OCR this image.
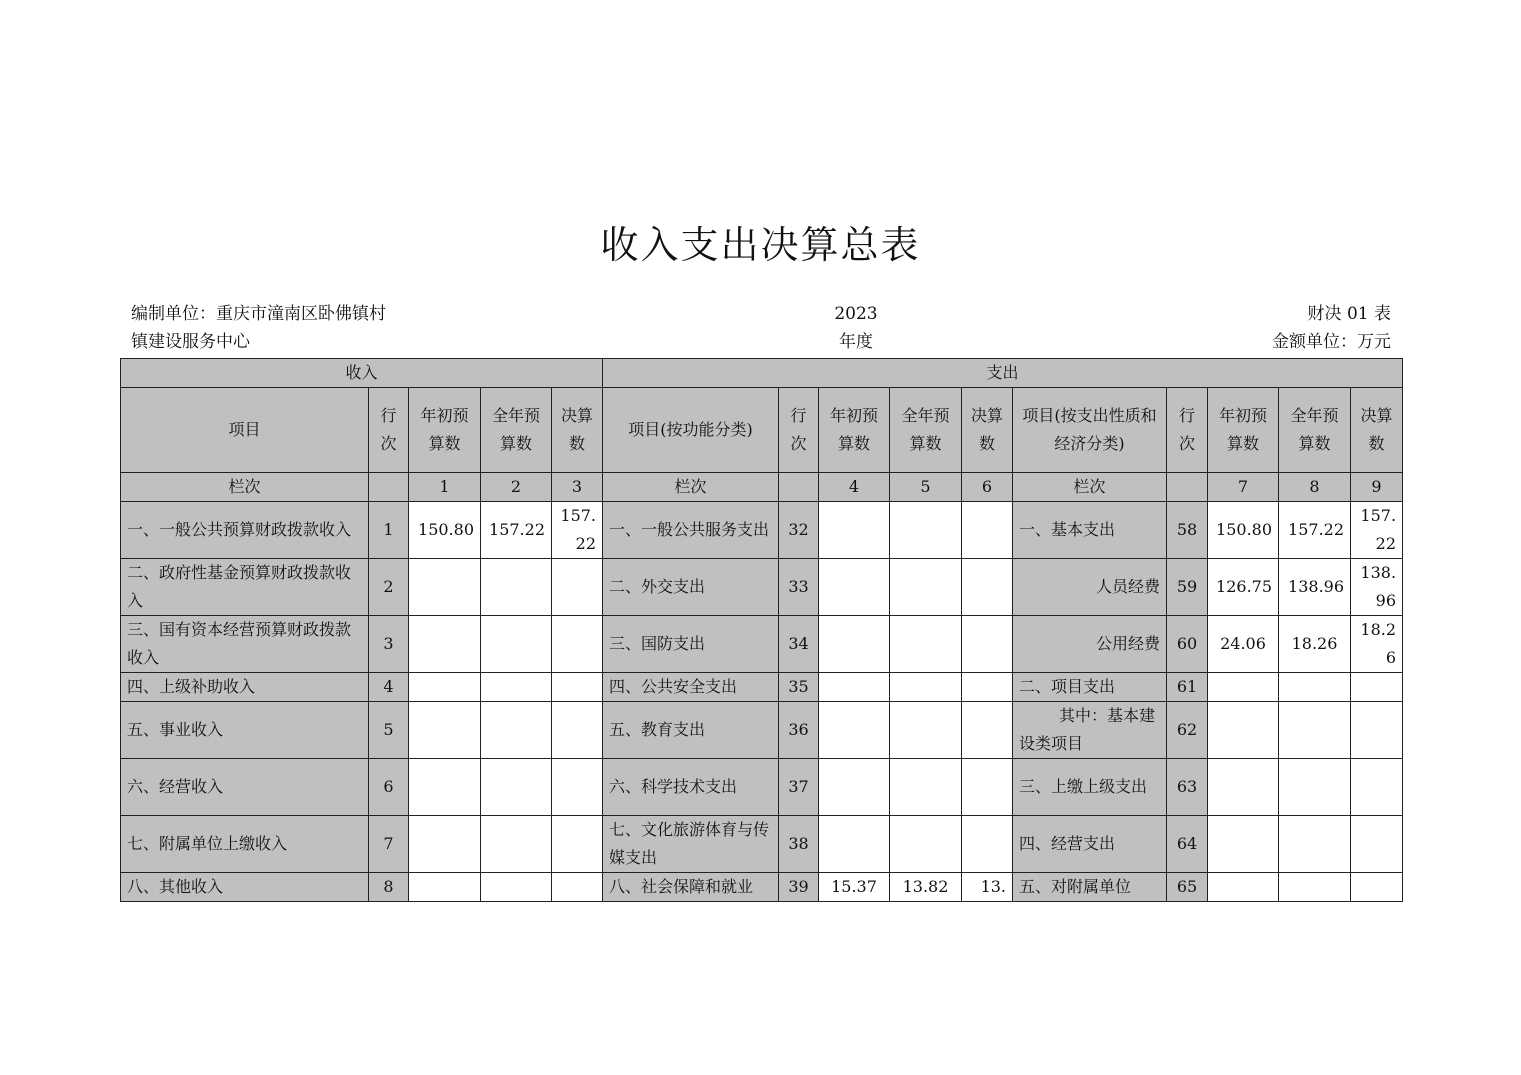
收入支出决算总表
编制单位：重庆市潼南区卧佛镇村镇建设服务中心
2023年度
财决 01 表
金额单位：万元
收入					支出									
项目	行次	年初预算数	全年预算数	决算数	项目(按功能分类)	行次	年初预算数	全年预算数	决算数	项目(按支出性质和经济分类)	行次	年初预算数	全年预算数	决算数
栏次		1	2	3	栏次		4	5	6	栏次		7	8	9
一、一般公共预算财政拨款收入	1	150.80	157.22	157.22	一、一般公共服务支出	32				一、基本支出	58	150.80	157.22	157.22
二、政府性基金预算财政拨款收入	2				二、外交支出	33				人员经费	59	126.75	138.96	138.96
三、国有资本经营预算财政拨款收入	3				三、国防支出	34				公用经费	60	24.06	18.26	18.26
四、上级补助收入	4				四、公共安全支出	35				二、项目支出	61			
五、事业收入	5				五、教育支出	36				其中：基本建设类项目	62			
六、经营收入	6				六、科学技术支出	37				三、上缴上级支出	63			
七、附属单位上缴收入	7				七、文化旅游体育与传媒支出	38				四、经营支出	64			
八、其他收入	8				八、社会保障和就业	39	15.37	13.82	13.	五、对附属单位	65			
